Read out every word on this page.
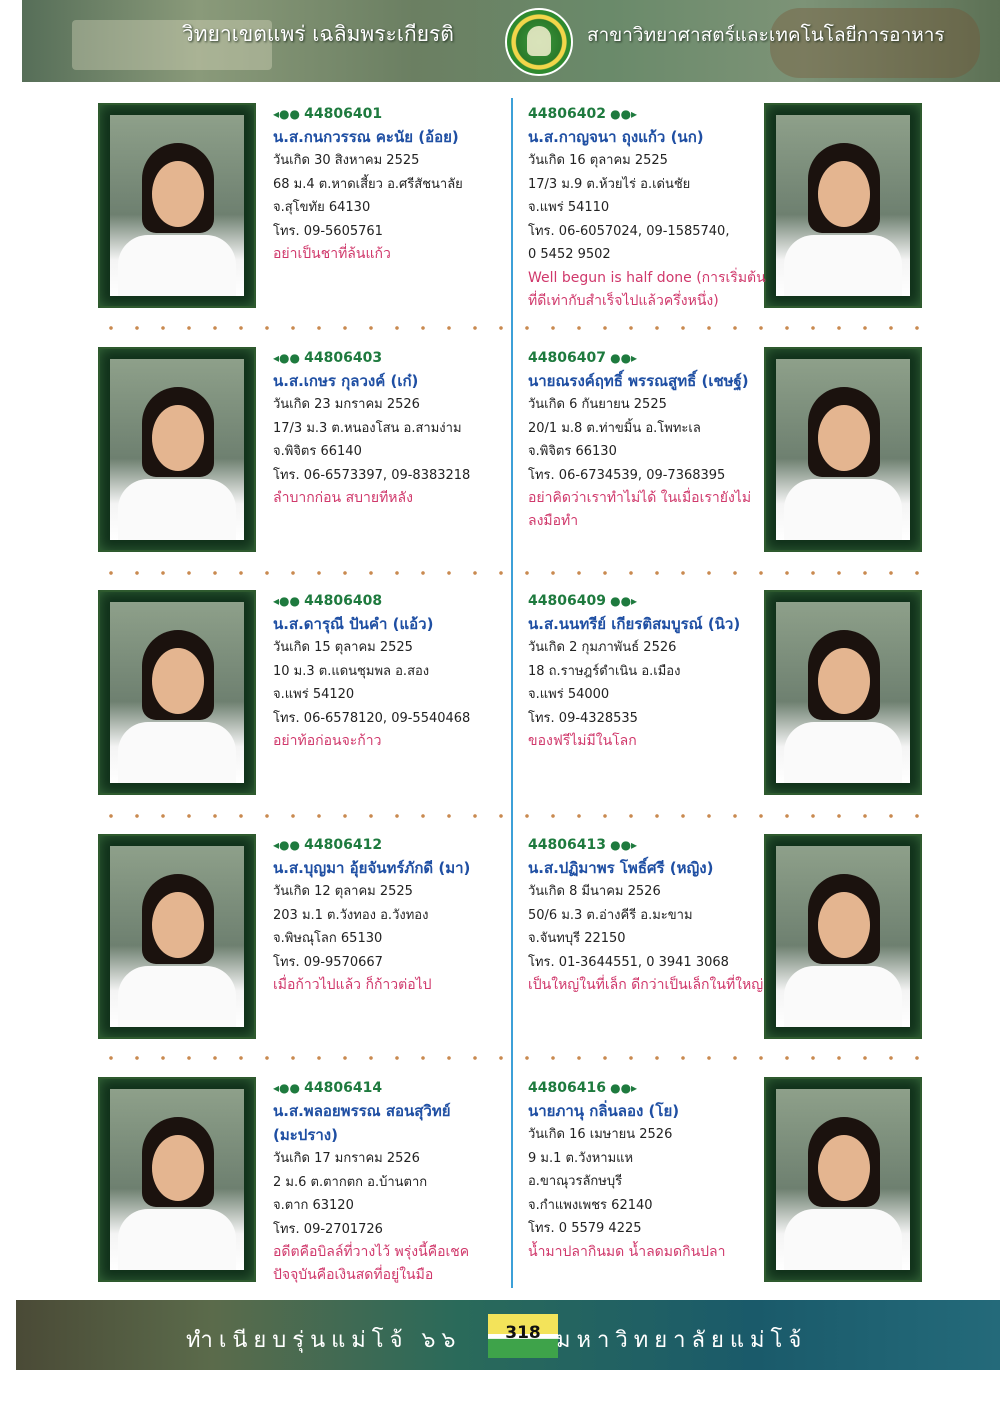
วิทยาเขตแพร่ เฉลิมพระเกียรติ	สาขาวิทยาศาสตร์และเทคโนโลยีการอาหาร
◂●● 44806401
น.ส.กนกวรรณ คะนัย (อ้อย)
วันเกิด 30 สิงหาคม 2525
68 ม.4 ต.หาดเสี้ยว อ.ศรีสัชนาลัย
จ.สุโขทัย 64130
โทร. 09-5605761
อย่าเป็นชาที่ล้นแก้ว
44806402 ●●▸
น.ส.กาญจนา ถุงแก้ว (นก)
วันเกิด 16 ตุลาคม 2525
17/3 ม.9 ต.ห้วยไร่ อ.เด่นชัย
จ.แพร่ 54110
โทร. 06-6057024, 09-1585740,
0 5452 9502
Well begun is half done (การเริ่มต้นที่ดีเท่ากับสำเร็จไปแล้วครึ่งหนึ่ง)
◂●● 44806403
น.ส.เกษร กุลวงค์ (เก๋)
วันเกิด 23 มกราคม 2526
17/3 ม.3 ต.หนองโสน อ.สามง่าม
จ.พิจิตร 66140
โทร. 06-6573397, 09-8383218
ลำบากก่อน สบายทีหลัง
44806407 ●●▸
นายณรงค์ฤทธิ์ พรรณสูทธิ์ (เชษฐ์)
วันเกิด 6 กันยายน 2525
20/1 ม.8 ต.ท่าขมิ้น อ.โพทะเล
จ.พิจิตร 66130
โทร. 06-6734539, 09-7368395
อย่าคิดว่าเราทำไม่ได้ ในเมื่อเรายังไม่ลงมือทำ
◂●● 44806408
น.ส.ดารุณี ปันคำ (แอ้ว)
วันเกิด 15 ตุลาคม 2525
10 ม.3 ต.แดนชุมพล อ.สอง
จ.แพร่ 54120
โทร. 06-6578120, 09-5540468
อย่าท้อก่อนจะก้าว
44806409 ●●▸
น.ส.นนทรีย์ เกียรติสมบูรณ์ (นิว)
วันเกิด 2 กุมภาพันธ์ 2526
18 ถ.ราษฎร์ดำเนิน อ.เมือง
จ.แพร่ 54000
โทร. 09-4328535
ของฟรีไม่มีในโลก
◂●● 44806412
น.ส.บุญมา อุ้ยจันทร์ภักดี (มา)
วันเกิด 12 ตุลาคม 2525
203 ม.1 ต.วังทอง อ.วังทอง
จ.พิษณุโลก 65130
โทร. 09-9570667
เมื่อก้าวไปแล้ว ก็ก้าวต่อไป
44806413 ●●▸
น.ส.ปฏิมาพร โพธิ์ศรี (หญิง)
วันเกิด 8 มีนาคม 2526
50/6 ม.3 ต.อ่างคีรี อ.มะขาม
จ.จันทบุรี 22150
โทร. 01-3644551, 0 3941 3068
เป็นใหญ่ในที่เล็ก ดีกว่าเป็นเล็กในที่ใหญ่
◂●● 44806414
น.ส.พลอยพรรณ สอนสุวิทย์ (มะปราง)
วันเกิด 17 มกราคม 2526
2 ม.6 ต.ตากตก อ.บ้านตาก
จ.ตาก 63120
โทร. 09-2701726
อดีตคือบิลล์ที่วางไว้ พรุ่งนี้คือเชค ปัจจุบันคือเงินสดที่อยู่ในมือ
44806416 ●●▸
นายภานุ กลิ่นลอง (โย)
วันเกิด 16 เมษายน 2526
9 ม.1 ต.วังหามแห
อ.ขาณุวรลักษบุรี
จ.กำแพงเพชร 62140
โทร. 0 5579 4225
น้ำมาปลากินมด น้ำลดมดกินปลา
ทำเนียบรุ่นแม่โจ้ ๖๖	318 มหาวิทยาลัยแม่โจ้
